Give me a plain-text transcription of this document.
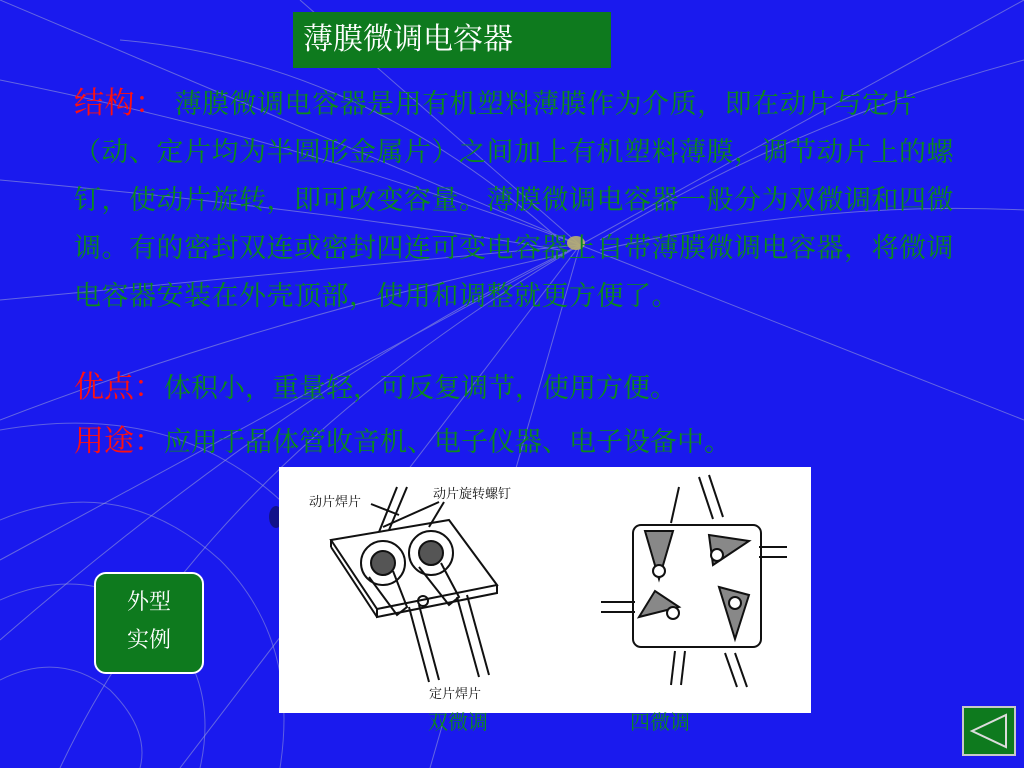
薄膜微调电容器
结构： 薄膜微调电容器是用有机塑料薄膜作为介质，即在动片与定片（动、定片均为半圆形金属片）之间加上有机塑料薄膜，调节动片上的螺钉，使动片旋转，即可改变容量。薄膜微调电容器一般分为双微调和四微调。有的密封双连或密封四连可变电容器上自带薄膜微调电容器，将微调电容器安装在外壳顶部，使用和调整就更方便了。
优点：体积小，重量轻，可反复调节，使用方便。
用途：应用于晶体管收音机、电子仪器、电子设备中。
动片焊片
动片旋转螺钉
定片焊片
双微调	四微调
外型
实例
